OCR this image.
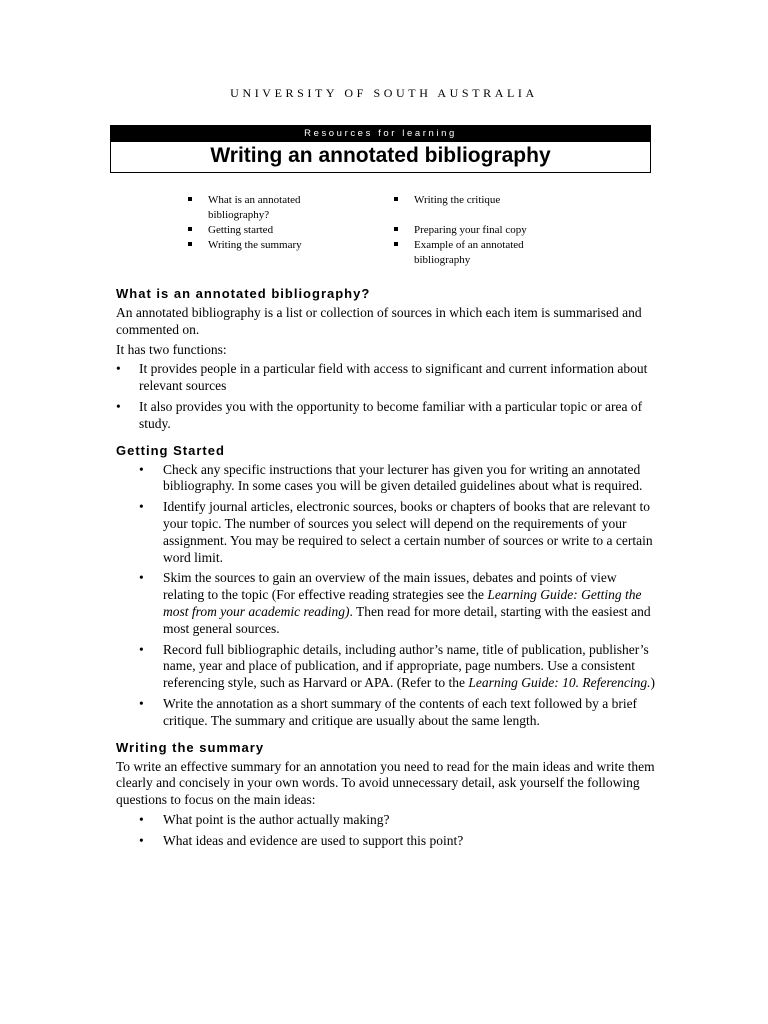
UNIVERSITY OF SOUTH AUSTRALIA
Resources for learning
Writing an annotated bibliography
What is an annotated bibliography?
Getting started
Writing the summary
Writing the critique
Preparing your final copy
Example of an annotated bibliography
What is an annotated bibliography?

An annotated bibliography is a list or collection of sources in which each item is summarised and commented on.

It has two functions:

• It provides people in a particular field with access to significant and current information about relevant sources
• It also provides you with the opportunity to become familiar with a particular topic or area of study.
Getting Started
• Check any specific instructions that your lecturer has given you for writing an annotated bibliography. In some cases you will be given detailed guidelines about what is required.
• Identify journal articles, electronic sources, books or chapters of books that are relevant to your topic. The number of sources you select will depend on the requirements of your assignment. You may be required to select a certain number of sources or write to a certain word limit.
• Skim the sources to gain an overview of the main issues, debates and points of view relating to the topic (For effective reading strategies see the Learning Guide: Getting the most from your academic reading). Then read for more detail, starting with the easiest and most general sources.
• Record full bibliographic details, including author’s name, title of publication, publisher’s name, year and place of publication, and if appropriate, page numbers. Use a consistent referencing style, such as Harvard or APA. (Refer to the Learning Guide: 10. Referencing.)
• Write the annotation as a short summary of the contents of each text followed by a brief critique. The summary and critique are usually about the same length.
Writing the summary

To write an effective summary for an annotation you need to read for the main ideas and write them clearly and concisely in your own words. To avoid unnecessary detail, ask yourself the following questions to focus on the main ideas:

• What point is the author actually making?
• What ideas and evidence are used to support this point?
